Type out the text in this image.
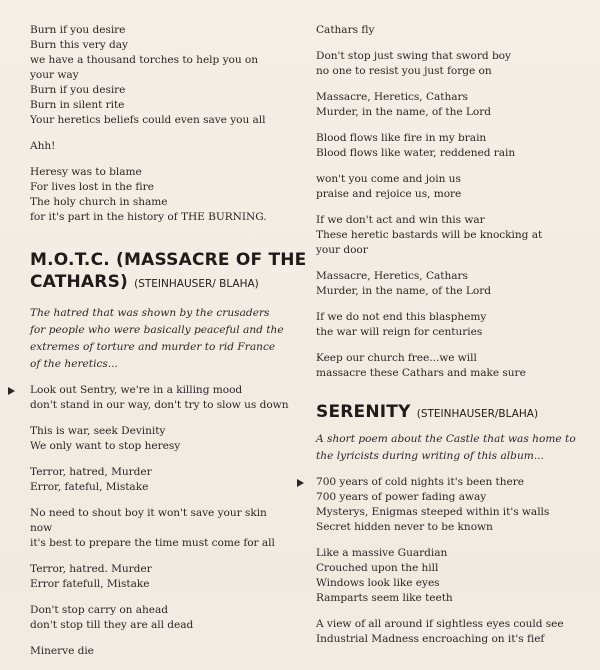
Burn if you desire
Burn this very day
we have a thousand torches to help you on
your way
Burn if you desire
Burn in silent rite
Your heretics beliefs could even save you all
Ahh!
Heresy was to blame
For lives lost in the fire
The holy church in shame
for it's part in the history of THE BURNING.
M.O.T.C. (MASSACRE OF THE
CATHARS) (STEINHAUSER/ BLAHA)
The hatred that was shown by the crusaders for people who were basically peaceful and the extremes of torture and murder to rid France of the heretics...
Look out Sentry, we're in a killing mood
don't stand in our way, don't try to slow us down
This is war, seek Devinity
We only want to stop heresy
Terror, hatred, Murder
Error, fateful, Mistake
No need to shout boy it won't save your skin
now
it's best to prepare the time must come for all
Terror, hatred. Murder
Error fatefull, Mistake
Don't stop carry on ahead
don't stop till they are all dead
Minerve die
Cathars fly
Don't stop just swing that sword boy
no one to resist you just forge on
Massacre, Heretics, Cathars
Murder, in the name, of the Lord
Blood flows like fire in my brain
Blood flows like water, reddened rain
won't you come and join us
praise and rejoice us, more
If we don't act and win this war
These heretic bastards will be knocking at
your door
Massacre, Heretics, Cathars
Murder, in the name, of the Lord
If we do not end this blasphemy
the war will reign for centuries
Keep our church free...we will
massacre these Cathars and make sure
SERENITY (STEINHAUSER/BLAHA)
A short poem about the Castle that was home to the lyricists during writing of this album...
700 years of cold nights it's been there
700 years of power fading away
Mysterys, Enigmas steeped within it's walls
Secret hidden never to be known
Like a massive Guardian
Crouched upon the hill
Windows look like eyes
Ramparts seem like teeth
A view of all around if sightless eyes could see
Industrial Madness encroaching on it's fief
